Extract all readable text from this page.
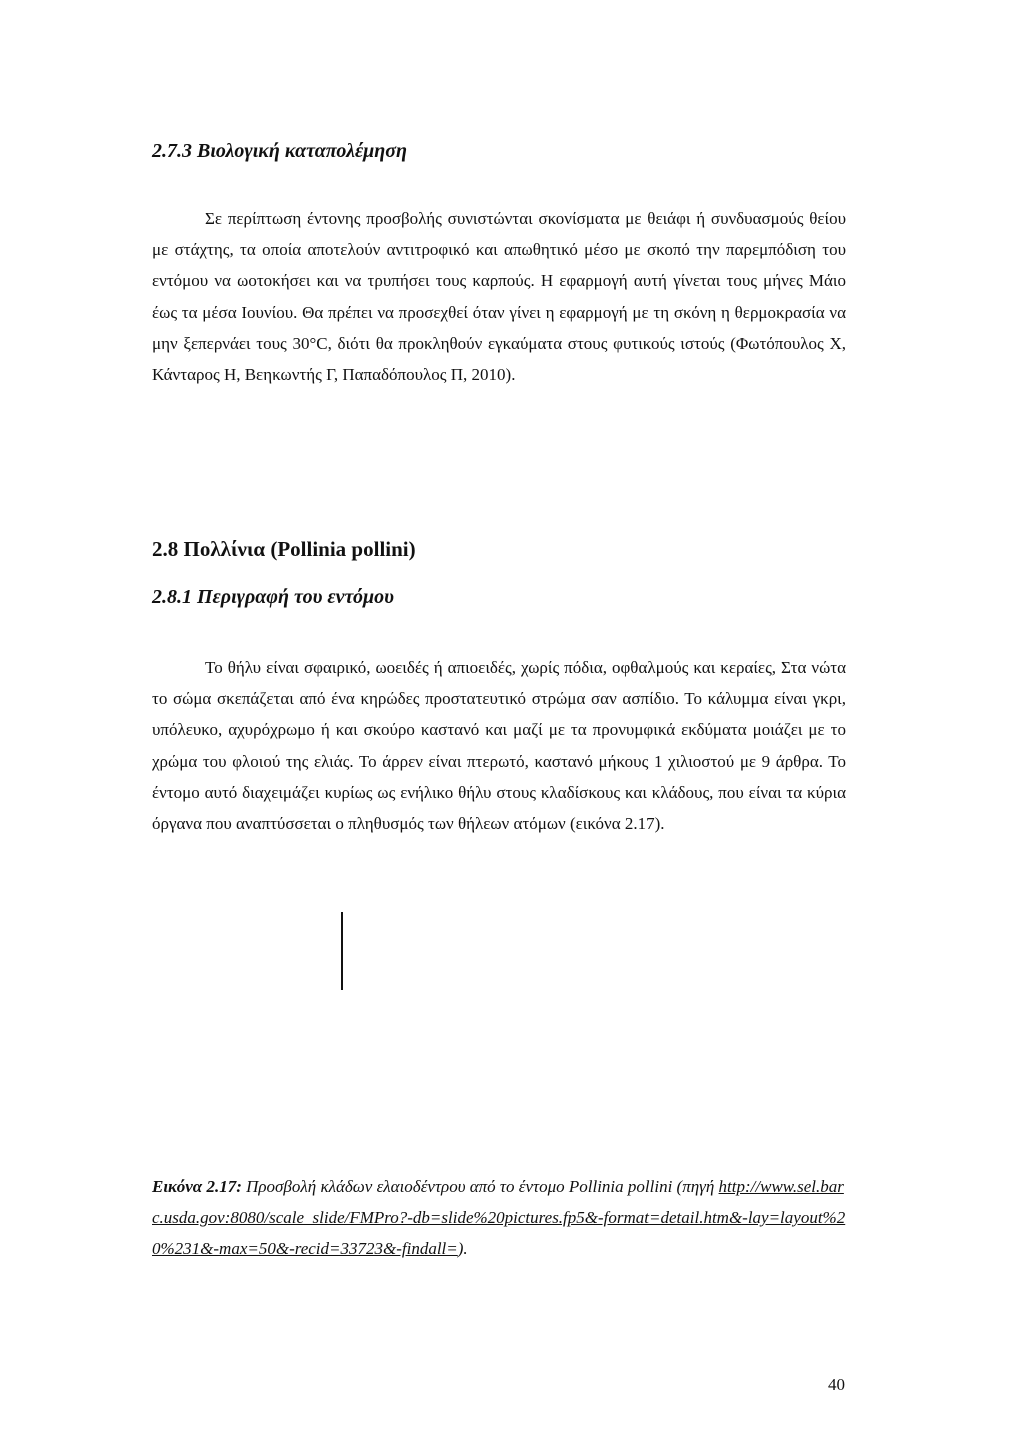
2.7.3 Βιολογική καταπολέμηση

Σε περίπτωση έντονης προσβολής συνιστώνται σκονίσματα με θειάφι ή συνδυασμούς θείου με στάχτης, τα οποία αποτελούν αντιτροφικό και απωθητικό μέσο με σκοπό την παρεμπόδιση του εντόμου να ωοτοκήσει και να τρυπήσει τους καρπούς. Η εφαρμογή αυτή γίνεται τους μήνες Μάιο έως τα μέσα Ιουνίου. Θα πρέπει να προσεχθεί όταν γίνει η εφαρμογή με τη σκόνη η θερμοκρασία να μην ξεπερνάει τους 30°C, διότι θα προκληθούν εγκαύματα στους φυτικούς ιστούς (Φωτόπουλος Χ, Κάνταρος Η, Βεηκωντής Γ, Παπαδόπουλος Π, 2010).

2.8 Πολλίνια (Pollinia pollini)
2.8.1 Περιγραφή του εντόμου

Το θήλυ είναι σφαιρικό, ωοειδές ή απιοειδές, χωρίς πόδια, οφθαλμούς και κεραίες, Στα νώτα το σώμα σκεπάζεται από ένα κηρώδες προστατευτικό στρώμα σαν ασπίδιο. Το κάλυμμα είναι γκρι, υπόλευκο, αχυρόχρωμο ή και σκούρο καστανό και μαζί με τα προνυμφικά εκδύματα μοιάζει με το χρώμα του φλοιού της ελιάς. Το άρρεν είναι πτερωτό, καστανό μήκους 1 χιλιοστού με 9 άρθρα. Το έντομο αυτό διαχειμάζει κυρίως ως ενήλικο θήλυ στους κλαδίσκους και κλάδους, που είναι τα κύρια όργανα που αναπτύσσεται ο πληθυσμός των θήλεων ατόμων (εικόνα 2.17).

Εικόνα 2.17: Προσβολή κλάδων ελαιοδέντρου από το έντομο Pollinia pollini (πηγή http://www.sel.barc.usda.gov:8080/scale_slide/FMPro?-db=slide%20pictures.fp5&-format=detail.htm&-lay=layout%20%231&-max=50&-recid=33723&-findall=).

40
